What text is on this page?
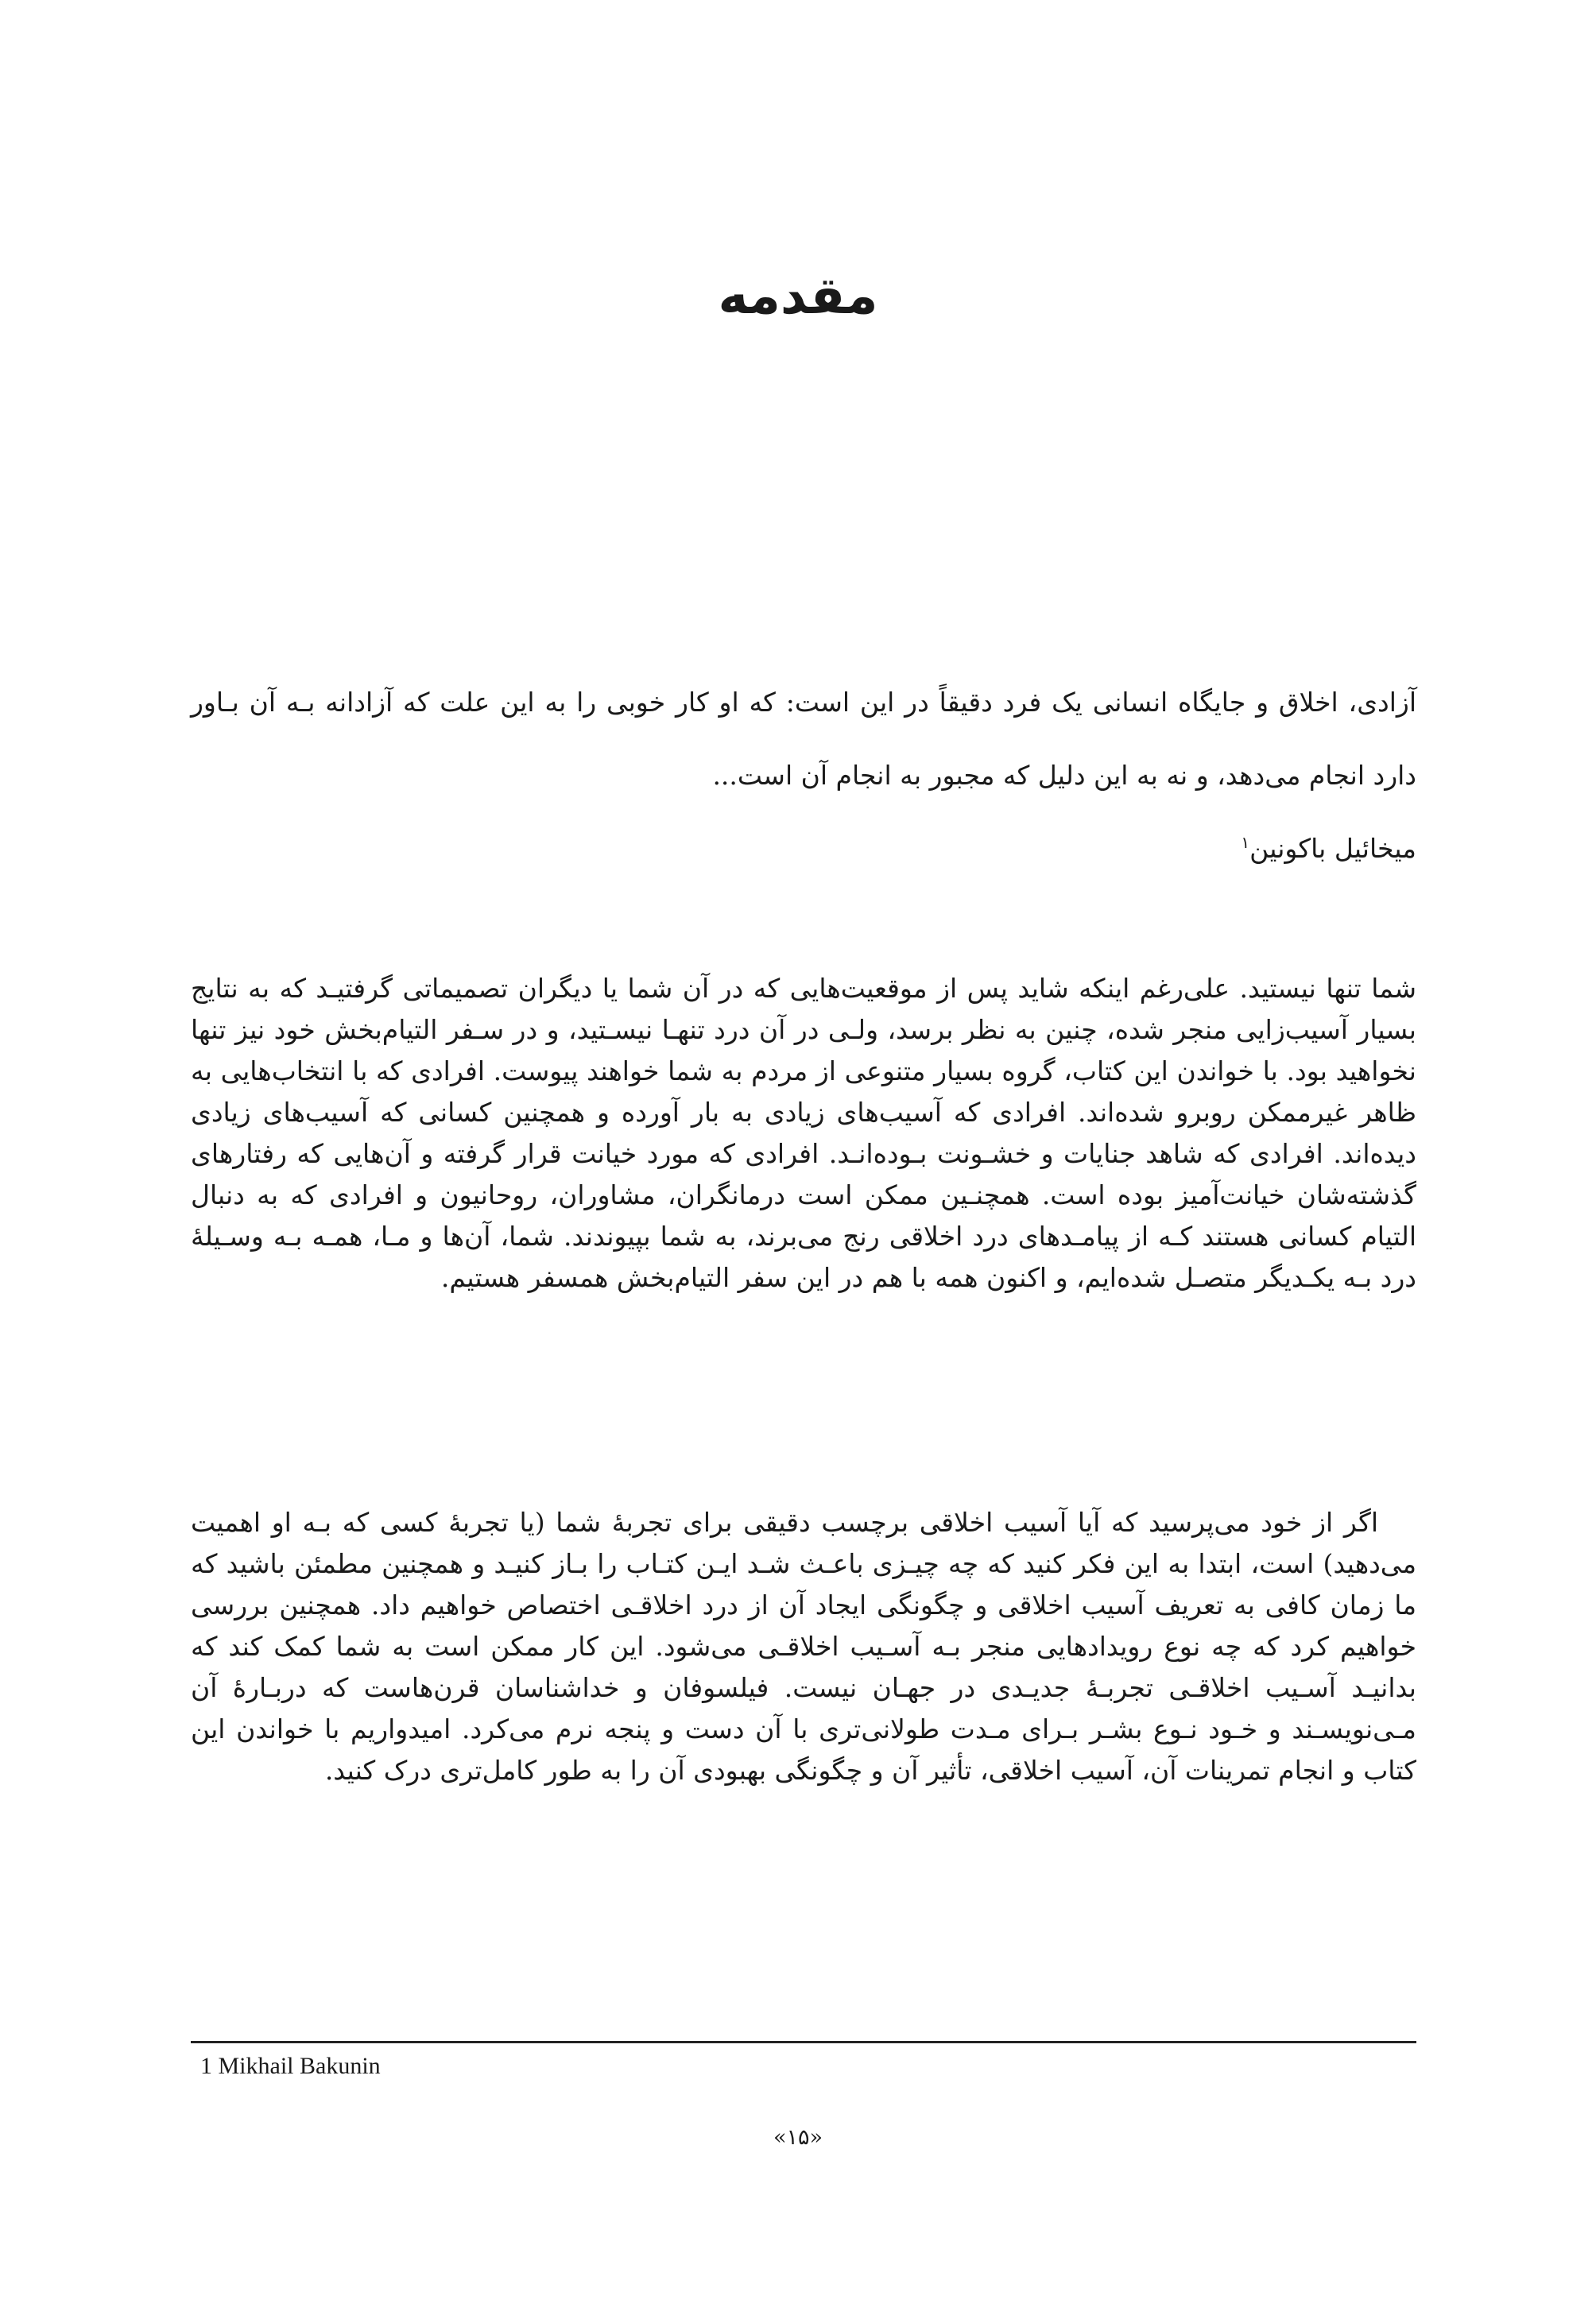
مقدمه

آزادی، اخلاق و جایگاه انسانی یک فرد دقیقاً در این است: که او کار خوبی را به این علت که آزادانه بـه آن بـاور دارد انجام می‌دهد، و نه به این دلیل که مجبور به انجام آن است...

میخائیل باکونین$^۱$

شما تنها نیستید. علی‌رغم اینکه شاید پس از موقعیت‌هایی که در آن شما یا دیگران تصمیماتی گرفتیـد که به نتایج بسیار آسیب‌زایی منجر شده، چنین به نظر برسد، ولـی در آن درد تنهـا نیسـتید، و در سـفر التیام‌بخش خود نیز تنها نخواهید بود. با خواندن این کتاب، گروه بسیار متنوعی از مردم به شما خواهند پیوست. افرادی که با انتخاب‌هایی به ظاهر غیرممکن روبرو شده‌اند. افرادی که آسیب‌های زیادی به بار آورده و همچنین کسانی که آسیب‌های زیادی دیده‌اند. افرادی که شاهد جنایات و خشـونت بـوده‌انـد. افرادی که مورد خیانت قرار گرفته و آن‌هایی که رفتارهای گذشته‌شان خیانت‌آمیز بوده است. همچنـین ممکن است درمانگران، مشاوران، روحانیون و افرادی که به دنبال التیام کسانی هستند کـه از پیامـد‌های درد اخلاقی رنج می‌برند، به شما بپیوندند. شما، آن‌ها و مـا، همـه بـه وسـیلهٔ درد بـه یکـدیگر متصـل شده‌ایم، و اکنون همه با هم در این سفر التیام‌بخش همسفر هستیم.

اگر از خود می‌پرسید که آیا آسیب اخلاقی برچسب دقیقی برای تجربهٔ شما (یا تجربهٔ کسی که بـه او اهمیت می‌دهید) است، ابتدا به این فکر کنید که چه چیـزی باعـث شـد ایـن کتـاب را بـاز کنیـد و همچنین مطمئن باشید که ما زمان کافی به تعریف آسیب اخلاقی و چگونگی ایجاد آن از درد اخلاقـی اختصاص خواهیم داد. همچنین بررسی خواهیم کرد که چه نوع رویدادهایی منجر بـه آسـیب اخلاقـی می‌شود. این کار ممکن است به شما کمک کند که بدانیـد آسـیب اخلاقـی تجربـهٔ جدیـدی در جهـان نیست. فیلسوفان و خداشناسان قرن‌هاست که دربـارهٔ آن مـی‌نویسـند و خـود نـوع بشـر بـرای مـدت طولانی‌تری با آن دست و پنجه نرم می‌کرد. امیدواریم با خواندن این کتاب و انجام تمرینات آن، آسیب اخلاقی، تأثیر آن و چگونگی بهبودی آن را به طور کامل‌تری درک کنید.

1 Mikhail Bakunin

«۱۵»
